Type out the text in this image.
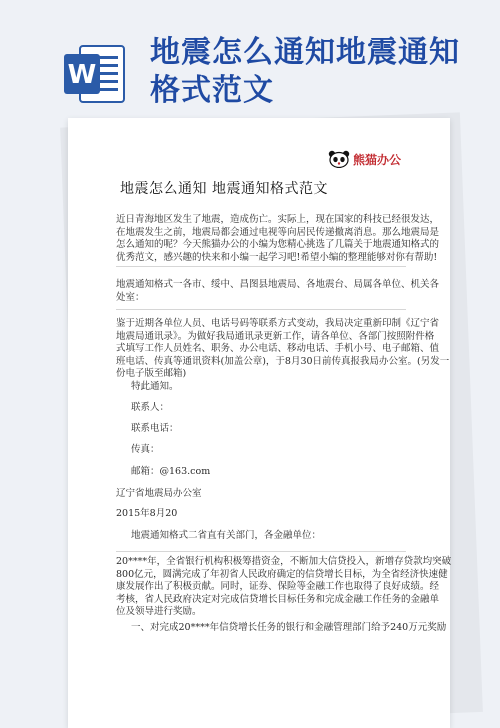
W
地震怎么通知地震通知格式范文
熊猫办公
地震怎么通知 地震通知格式范文
近日青海地区发生了地震，造成伤亡。实际上，现在国家的科技已经很发达，
在地震发生之前，地震局都会通过电视等向居民传递撤离消息。那么地震局是
怎么通知的呢？今天熊猫办公的小编为您精心挑选了几篇关于地震通知格式的
优秀范文，感兴趣的快来和小编一起学习吧!希望小编的整理能够对你有帮助!
地震通知格式一各市、绥中、昌图县地震局、各地震台、局属各单位、机关各
处室：
鉴于近期各单位人员、电话号码等联系方式变动，我局决定重新印制《辽宁省
地震局通讯录》。为做好我局通讯录更新工作，请各单位、各部门按照附件格
式填写工作人员姓名、职务、办公电话、移动电话、手机小号、电子邮箱、值
班电话、传真等通讯资料(加盖公章)，于8月30日前传真报我局办公室。(另发一
份电子版至邮箱)
特此通知。
联系人：
联系电话：
传真：
邮箱：@163.com
辽宁省地震局办公室
2015年8月20
地震通知格式二省直有关部门，各金融单位：
20****年，全省银行机构积极筹措资金，不断加大信贷投入，新增存贷款均突破
800亿元，圆满完成了年初省人民政府确定的信贷增长目标，为全省经济快速健
康发展作出了积极贡献。同时，证券、保险等金融工作也取得了良好成绩。经
考核，省人民政府决定对完成信贷增长目标任务和完成金融工作任务的金融单
位及领导进行奖励。
一、对完成20****年信贷增长任务的银行和金融管理部门给予240万元奖励
